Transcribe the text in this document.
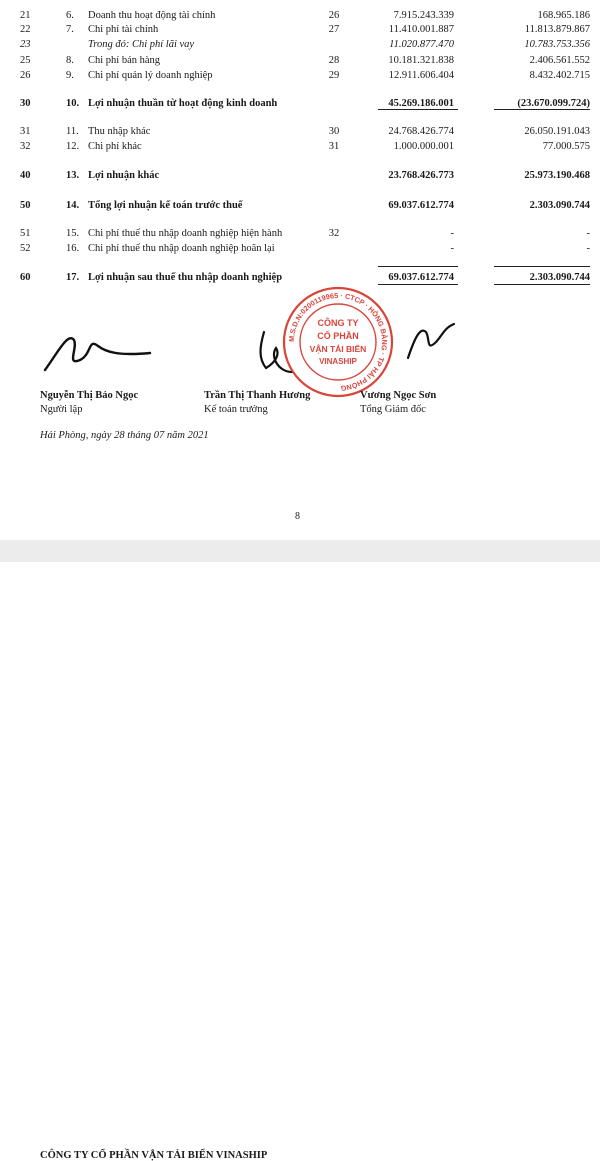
21	6. Doanh thu hoạt động tài chính	26	7.915.243.339	168.965.186
22	7. Chi phí tài chính	27	11.410.001.887	11.813.879.867
23	Trong đó: Chi phí lãi vay	11.020.877.470	10.783.753.356
25	8. Chi phí bán hàng	28	10.181.321.838	2.406.561.552
26	9. Chi phí quản lý doanh nghiệp	29	12.911.606.404	8.432.402.715
30	10. Lợi nhuận thuần từ hoạt động kinh doanh	45.269.186.001	(23.670.099.724)
31	11. Thu nhập khác	30	24.768.426.774	26.050.191.043
32	12. Chi phí khác	31	1.000.000.001	77.000.575
40	13. Lợi nhuận khác	23.768.426.773	25.973.190.468
50	14. Tổng lợi nhuận kế toán trước thuế	69.037.612.774	2.303.090.744
51	15. Chi phí thuế thu nhập doanh nghiệp hiện hành	32	-	-
52	16. Chi phí thuế thu nhập doanh nghiệp hoãn lại	-	-
60	17. Lợi nhuận sau thuế thu nhập doanh nghiệp	69.037.612.774	2.303.090.744
M.S.D.N:0200119965 · CTCP · HỒNG BÀNG · TP HẢI PHÒNG
CÔNG TY
CỔ PHẦN
VẬN TẢI BIỂN
VINASHIP
Nguyễn Thị Bảo Ngọc
Người lập
Trần Thị Thanh Hương
Kế toán trưởng
Vương Ngọc Sơn
Tổng Giám đốc
Hải Phòng, ngày 28 tháng 07 năm 2021
8
CÔNG TY CỔ PHẦN VẬN TẢI BIỂN VINASHIP
